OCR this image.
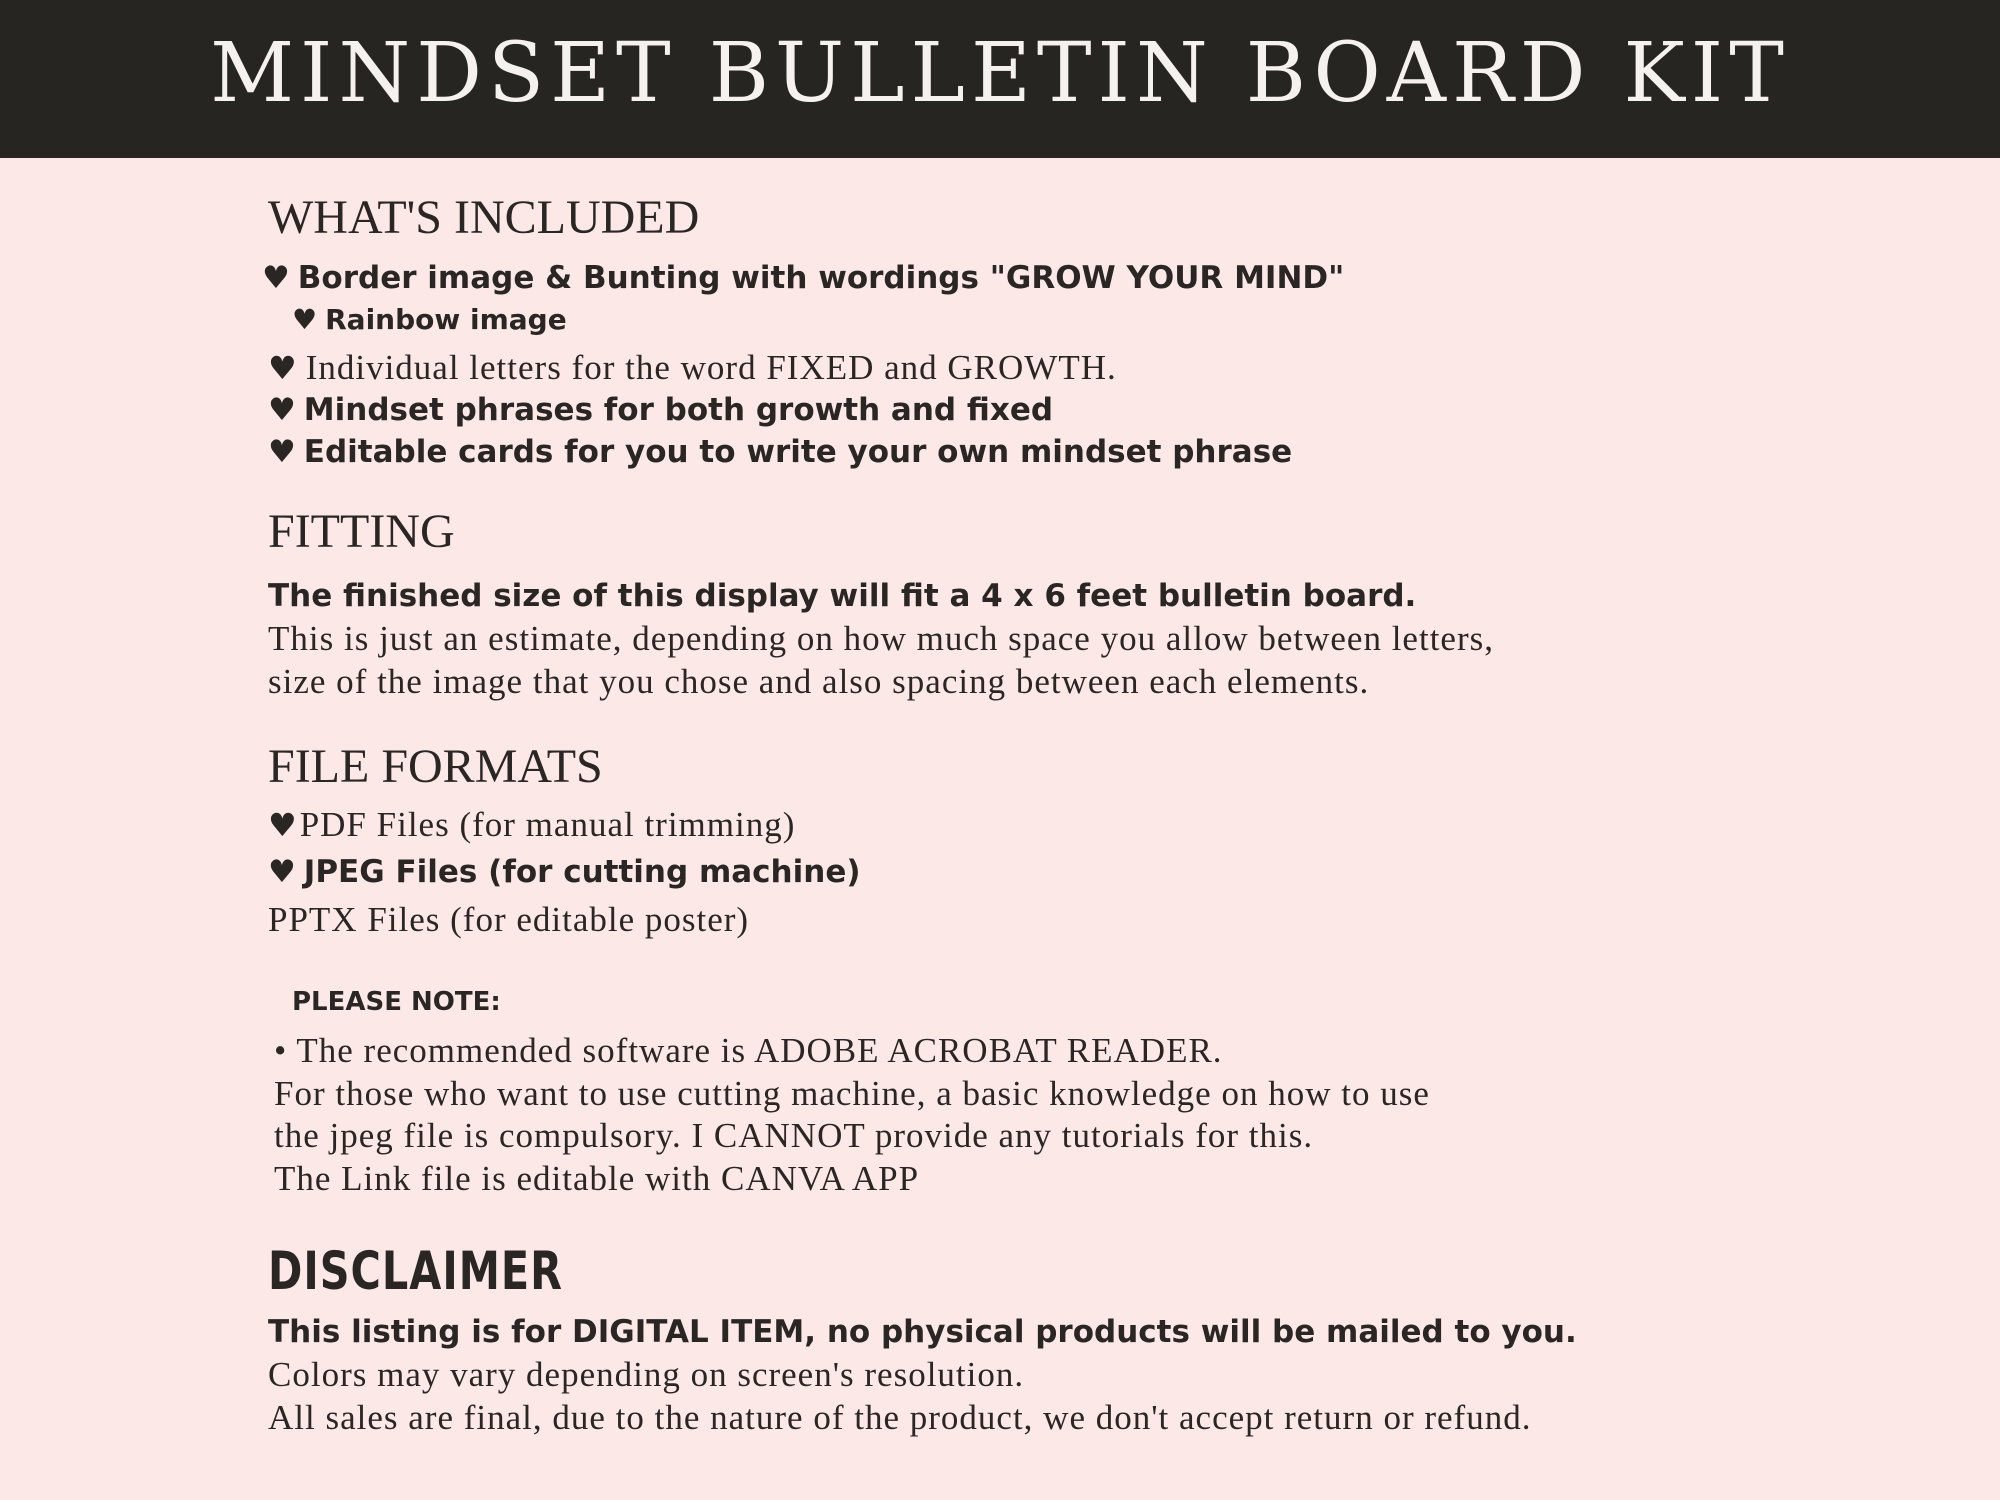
MINDSET BULLETIN BOARD KIT
WHAT'S INCLUDED
♥ Border image & Bunting with wordings "GROW YOUR MIND"
♥ Rainbow image
♥ Individual letters for the word FIXED and GROWTH.
♥ Mindset phrases for both growth and fixed
♥ Editable cards for you to write your own mindset phrase
FITTING
The finished size of this display will fit a 4 x 6 feet bulletin board.
This is just an estimate, depending on how much space you allow between letters,
size of the image that you chose and also spacing between each elements.
FILE FORMATS
♥PDF Files (for manual trimming)
♥ JPEG Files (for cutting machine)
PPTX Files (for editable poster)
PLEASE NOTE:
• The recommended software is ADOBE ACROBAT READER.
For those who want to use cutting machine, a basic knowledge on how to use
the jpeg file is compulsory. I CANNOT provide any tutorials for this.
The Link file is editable with CANVA APP
DISCLAIMER
This listing is for DIGITAL ITEM, no physical products will be mailed to you.
Colors may vary depending on screen's resolution.
All sales are final, due to the nature of the product, we don't accept return or refund.
